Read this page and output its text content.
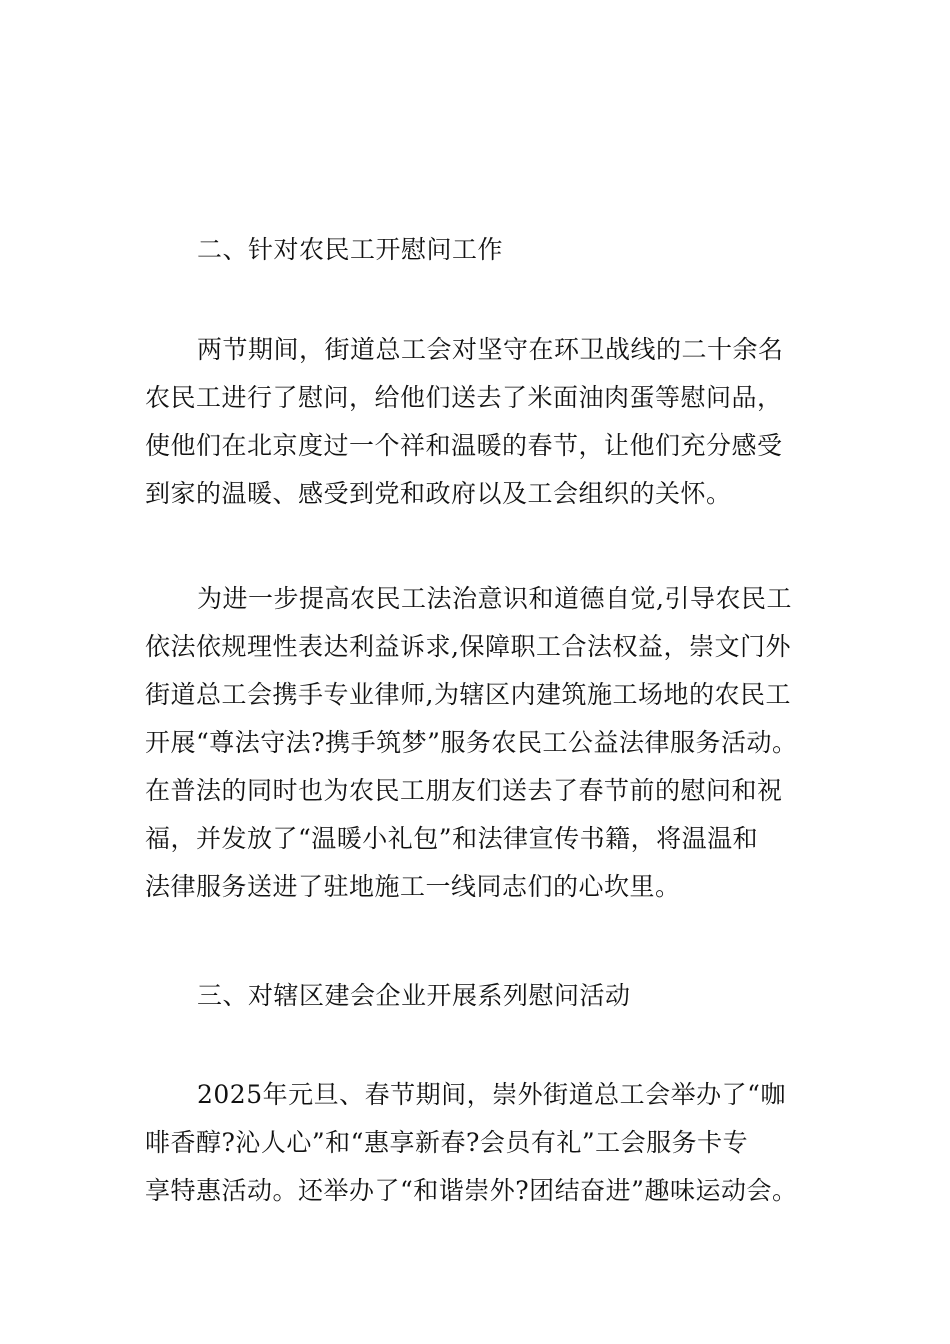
二、针对农民工开慰问工作
两节期间，街道总工会对坚守在环卫战线的二十余名
农民工进行了慰问，给他们送去了米面油肉蛋等慰问品，
使他们在北京度过一个祥和温暖的春节，让他们充分感受
到家的温暖、感受到党和政府以及工会组织的关怀。
为进一步提高农民工法治意识和道德自觉,引导农民工
依法依规理性表达利益诉求,保障职工合法权益，崇文门外
街道总工会携手专业律师,为辖区内建筑施工场地的农民工
开展“尊法守法?携手筑梦”服务农民工公益法律服务活动。
在普法的同时也为农民工朋友们送去了春节前的慰问和祝
福，并发放了“温暖小礼包”和法律宣传书籍，将温温和
法律服务送进了驻地施工一线同志们的心坎里。
三、对辖区建会企业开展系列慰问活动
2025年元旦、春节期间，崇外街道总工会举办了“咖
啡香醇?沁人心”和“惠享新春?会员有礼”工会服务卡专
享特惠活动。还举办了“和谐崇外?团结奋进”趣味运动会。
